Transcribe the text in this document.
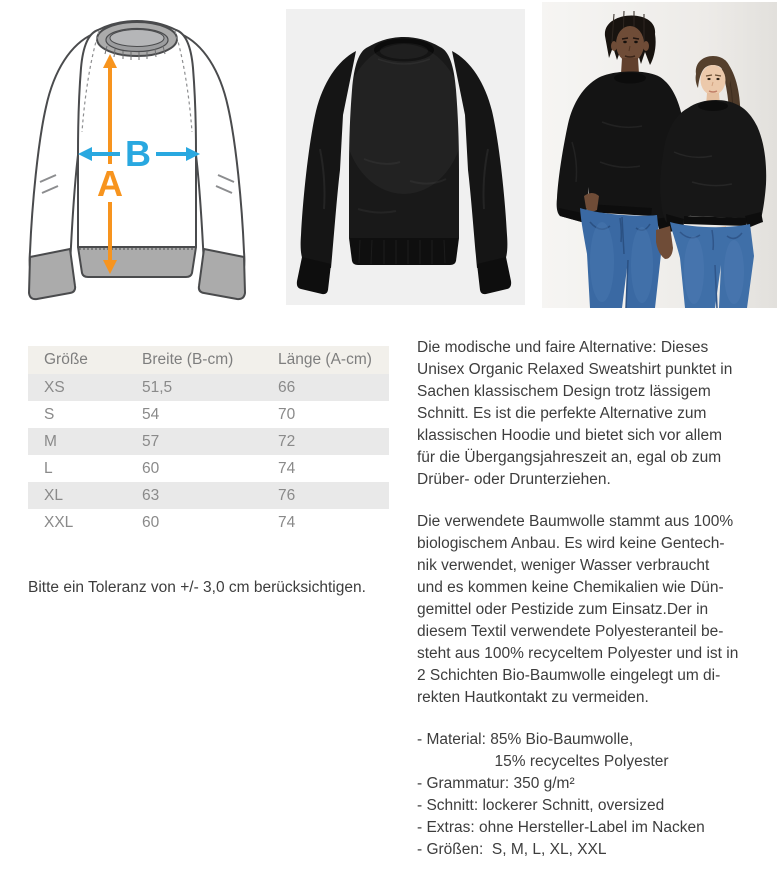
A
B
Größe	Breite (B-cm)	Länge (A-cm)
XS	51,5	66
S	54	70
M	57	72
L	60	74
XL	63	76
XXL	60	74
Bitte ein Toleranz von +/- 3,0 cm berücksichtigen.
Die modische und faire Alternative: Dieses
Unisex Organic Relaxed Sweatshirt punktet in
Sachen klassischem Design trotz lässigem
Schnitt. Es ist die perfekte Alternative zum
klassischen Hoodie und bietet sich vor allem
für die Übergangsjahreszeit an, egal ob zum
Drüber- oder Drunterziehen.
Die verwendete Baumwolle stammt aus 100%
biologischem Anbau. Es wird keine Gentech-
nik verwendet, weniger Wasser verbraucht
und es kommen keine Chemikalien wie Dün-
gemittel oder Pestizide zum Einsatz.Der in
diesem Textil verwendete Polyesteranteil be-
steht aus 100% recyceltem Polyester und ist in
2 Schichten Bio-Baumwolle eingelegt um di-
rekten Hautkontakt zu vermeiden.
- Material: 85% Bio-Baumwolle,
15% recyceltes Polyester
- Grammatur: 350 g/m²
- Schnitt: lockerer Schnitt, oversized
- Extras: ohne Hersteller-Label im Nacken
- Größen:  S, M, L, XL, XXL
